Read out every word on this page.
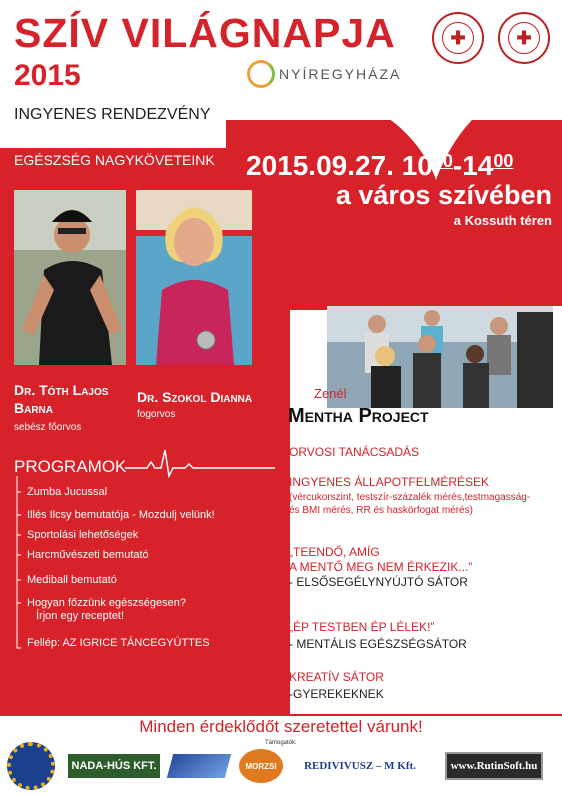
SZÍV VILÁGNAPJA
2015
INGYENES RENDEZVÉNY
✚	✚
NYÍREGYHÁZA
EGÉSZSÉG NAGYKÖVETEINK 2015.09.27. $10^{00}-14^{00}$
a város szívében
a Kossuth téren
Dr. Tóth Lajos
Barna
sebész főorvos
Dr. Szokol Dianna
fogorvos
PROGRAMOK
Zumba Jucussal
Illés Ilcsy bemutatója - Mozdulj velünk!
Sportolási lehetőségek
Harcművészeti bemutató
Mediball bemutató
Hogyan főzzünk egészségesen?
Írjon egy receptet!
Fellép: AZ IGRICE TÁNCEGYÜTTES
Zenél
Mentha Project
ORVOSI TANÁCSADÁS
INGYENES ÁLLAPOTFELMÉRÉSEK
(vércukorszint, testszír-százalék mérés,testmagasság-
és BMI mérés, RR és haskörfogat mérés)
„TEENDŐ, AMÍG
A MENTŐ MEG NEM ÉRKEZIK...”
- ELSŐSEGÉLYNYÚJTÓ SÁTOR
„ÉP TESTBEN ÉP LÉLEK!”
- MENTÁLIS EGÉSZSÉGSÁTOR
KREATÍV SÁTOR
-GYEREKEKNEK
Minden érdeklődőt szeretettel várunk!
Támogatók:
NADA-HÚS KFT.	MORZSI	REDIVIVUSZ – M Kft.	www.RutinSoft.hu
